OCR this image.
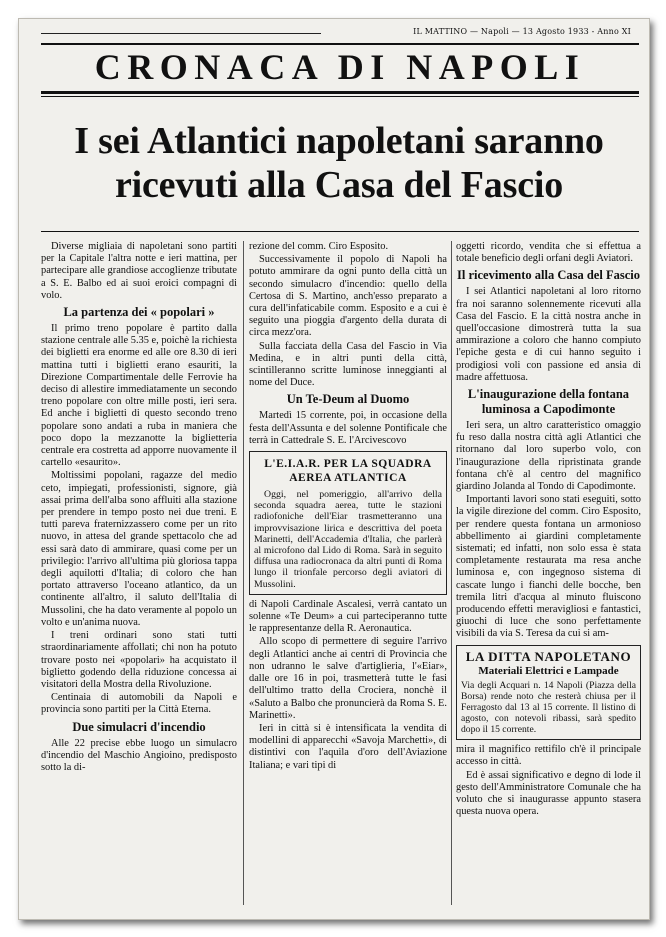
IL MATTINO — Napoli — 13 Agosto 1933 - Anno XI
CRONACA DI NAPOLI
I sei Atlantici napoletani saranno
ricevuti alla Casa del Fascio

Diverse migliaia di napoletani sono partiti per la Capitale l'altra notte e ieri mattina, per partecipare alle grandiose accoglienze tributate a S. E. Balbo ed ai suoi eroici compagni di volo.

La partenza dei « popolari »

Il primo treno popolare è partito dalla stazione centrale alle 5.35 e, poichè la richiesta dei biglietti era enorme ed alle ore 8.30 di ieri mattina tutti i biglietti erano esauriti, la Direzione Compartimentale delle Ferrovie ha deciso di allestire immediatamente un secondo treno popolare con oltre mille posti, ieri sera. Ed anche i biglietti di questo secondo treno popolare sono andati a ruba in maniera che poco dopo la mezzanotte la biglietteria centrale era costretta ad apporre nuovamente il cartello «esaurito».

Moltissimi popolani, ragazze del medio ceto, impiegati, professionisti, signore, già assai prima dell'alba sono affluiti alla stazione per prendere in tempo posto nei due treni. E tutti pareva fraternizzassero come per un rito nuovo, in attesa del grande spettacolo che ad essi sarà dato di ammirare, quasi come per un privilegio: l'arrivo all'ultima più gloriosa tappa degli aquilotti d'Italia; di coloro che han portato attraverso l'oceano atlantico, da un continente all'altro, il saluto dell'Italia di Mussolini, che ha dato veramente al popolo un volto e un'anima nuova.

I treni ordinari sono stati tutti straordinariamente affollati; chi non ha potuto trovare posto nei «popolari» ha acquistato il biglietto godendo della riduzione concessa ai visitatori della Mostra della Rivoluzione.

Centinaia di automobili da Napoli e provincia sono partiti per la Città Eterna.

Due simulacri d'incendio

Alle 22 precise ebbe luogo un simulacro d'incendio del Maschio Angioino, predisposto sotto la di-

rezione del comm. Ciro Esposito.

Successivamente il popolo di Napoli ha potuto ammirare da ogni punto della città un secondo simulacro d'incendio: quello della Certosa di S. Martino, anch'esso preparato a cura dell'infaticabile comm. Esposito e a cui è seguito una pioggia d'argento della durata di circa mezz'ora.

Sulla facciata della Casa del Fascio in Via Medina, e in altri punti della città, scintilleranno scritte luminose inneggianti al nome del Duce.

Un Te-Deum al Duomo

Martedì 15 corrente, poi, in occasione della festa dell'Assunta e del solenne Pontificale che terrà in Cattedrale S. E. l'Arcivescovo

L'E.I.A.R. PER LA SQUADRA AEREA ATLANTICA

Oggi, nel pomeriggio, all'arrivo della seconda squadra aerea, tutte le stazioni radiofoniche dell'Eiar trasmetteranno una improvvisazione lirica e descrittiva del poeta Marinetti, dell'Accademia d'Italia, che parlerà al microfono dal Lido di Roma. Sarà in seguito diffusa una radiocronaca da altri punti di Roma lungo il trionfale percorso degli aviatori di Mussolini.

di Napoli Cardinale Ascalesi, verrà cantato un solenne «Te Deum» a cui parteciperanno tutte le rappresentanze della R. Aeronautica.

Allo scopo di permettere di seguire l'arrivo degli Atlantici anche ai centri di Provincia che non udranno le salve d'artiglieria, l'«Eiar», dalle ore 16 in poi, trasmetterà tutte le fasi dell'ultimo tratto della Crociera, nonchè il «Saluto a Balbo che pronuncierà da Roma S. E. Marinetti».

Ieri in città si è intensificata la vendita di modellini di apparecchi «Savoja Marchetti», di distintivi con l'aquila d'oro dell'Aviazione Italiana; e vari tipi di

oggetti ricordo, vendita che si effettua a totale beneficio degli orfani degli Aviatori.

Il ricevimento alla Casa del Fascio

I sei Atlantici napoletani al loro ritorno fra noi saranno solennemente ricevuti alla Casa del Fascio. E la città nostra anche in quell'occasione dimostrerà tutta la sua ammirazione a coloro che hanno compiuto l'epiche gesta e di cui hanno seguito i prodigiosi voli con passione ed ansia di madre affettuosa.

L'inaugurazione della fontana luminosa a Capodimonte

Ieri sera, un altro caratteristico omaggio fu reso dalla nostra città agli Atlantici che ritornano dal loro superbo volo, con l'inaugurazione della ripristinata grande fontana ch'è al centro del magnifico giardino Jolanda al Tondo di Capodimonte.

Importanti lavori sono stati eseguiti, sotto la vigile direzione del comm. Ciro Esposito, per rendere questa fontana un armonioso abbellimento ai giardini completamente sistemati; ed infatti, non solo essa è stata completamente restaurata ma resa anche luminosa e, con ingegnoso sistema di cascate lungo i fianchi delle bocche, ben tremila litri d'acqua al minuto fluiscono producendo effetti meravigliosi e fantastici, giuochi di luce che sono perfettamente visibili da via S. Teresa da cui si am-

LA DITTA NAPOLETANO
Materiali Elettrici e Lampade

Via degli Acquari n. 14 Napoli (Piazza della Borsa) rende noto che resterà chiusa per il Ferragosto dal 13 al 15 corrente. Il listino di agosto, con notevoli ribassi, sarà spedito dopo il 15 corrente.

mira il magnifico rettifilo ch'è il principale accesso in città.

Ed è assai significativo e degno di lode il gesto dell'Amministratore Comunale che ha voluto che si inaugurasse appunto stasera questa nuova opera.
